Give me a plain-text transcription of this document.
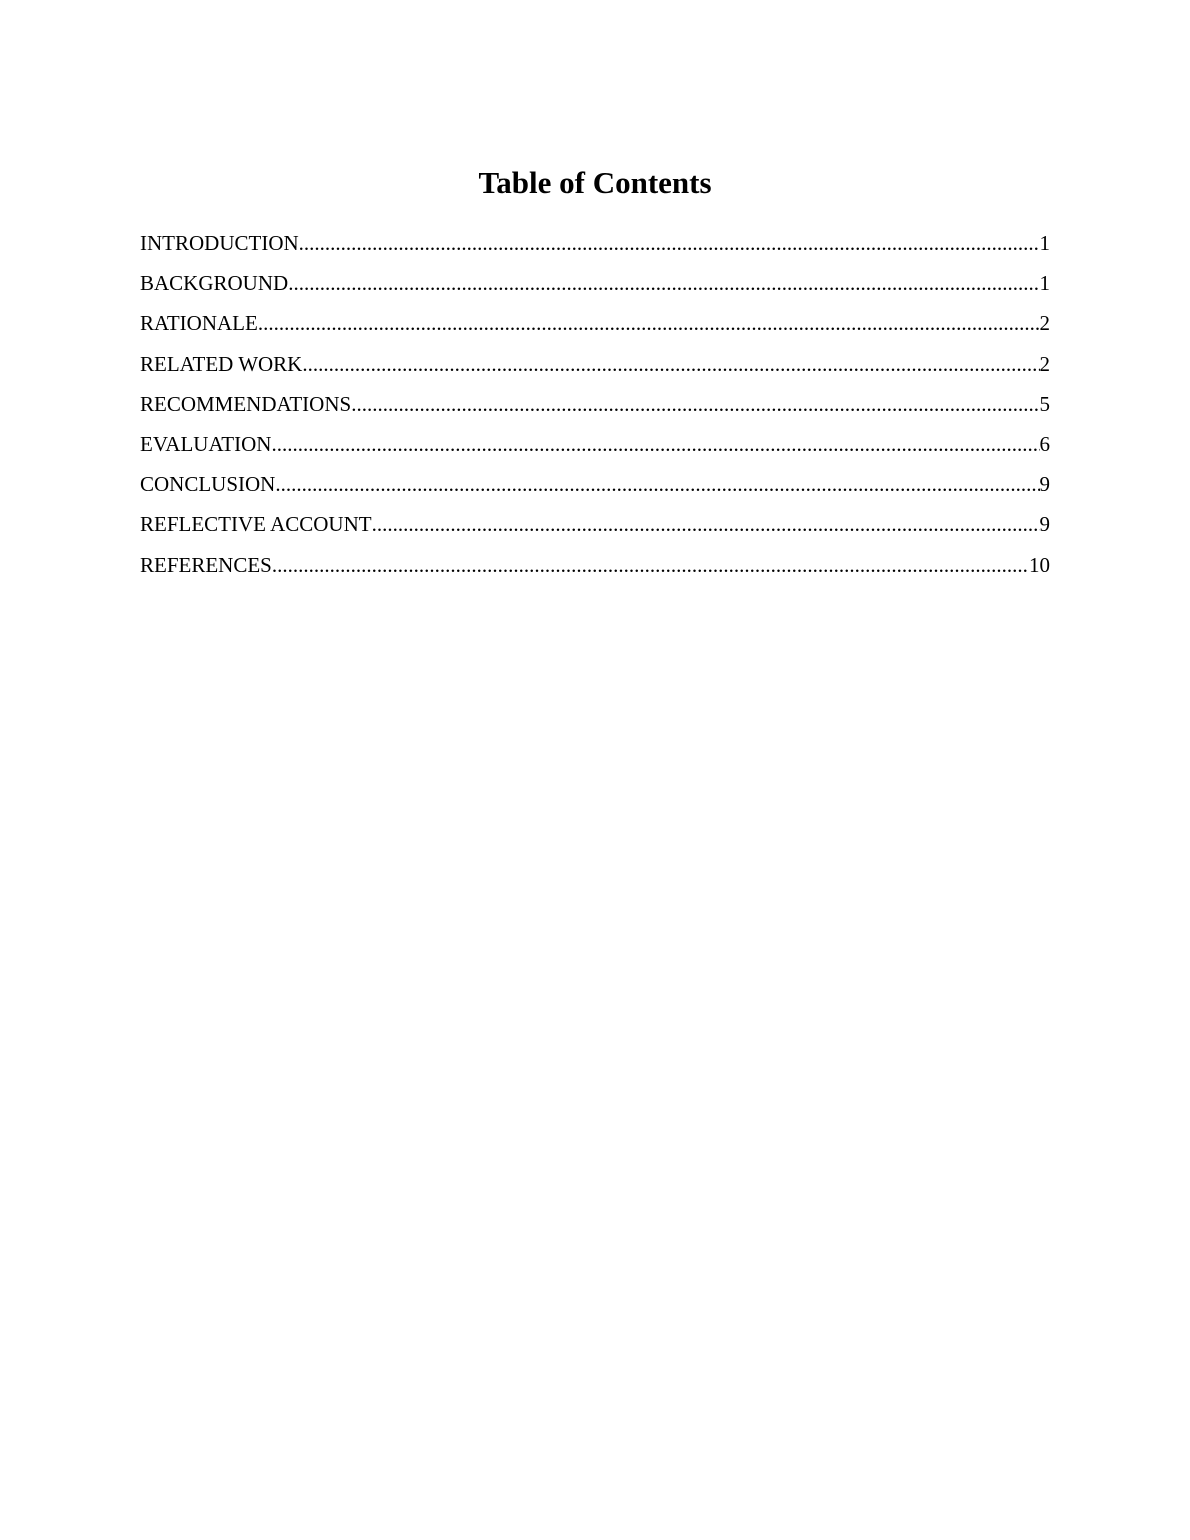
Table of Contents
INTRODUCTION .....	1
BACKGROUND .....	1
RATIONALE .....	2
RELATED WORK .....	2
RECOMMENDATIONS .....	5
EVALUATION .....	6
CONCLUSION .....	9
REFLECTIVE ACCOUNT .....	9
REFERENCES .....	10
